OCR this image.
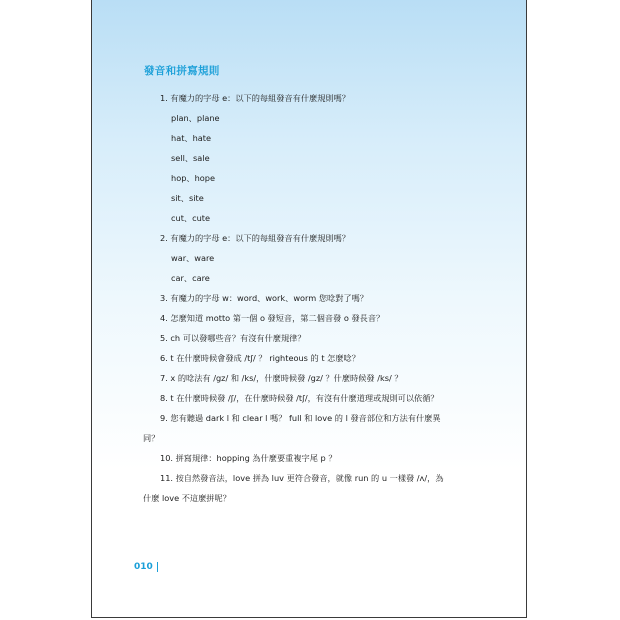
發音和拼寫規則
1. 有魔力的字母 e：以下的每組發音有什麼規則嗎？
plan、plane
hat、hate
sell、sale
hop、hope
sit、site
cut、cute
2. 有魔力的字母 e：以下的每組發音有什麼規則嗎？
war、ware
car、care
3. 有魔力的字母 w：word、work、worm 您唸對了嗎？
4. 怎麼知道 motto 第一個 o 發短音，第二個音發 o 發長音？
5. ch 可以發哪些音？有沒有什麼規律？
6. t 在什麼時候會發成 /tʃ/ ？ righteous 的 t 怎麼唸？
7. x 的唸法有 /gz/ 和 /ks/，什麼時候發 /gz/ ？什麼時候發 /ks/ ？
8. t 在什麼時候發 /ʃ/，在什麼時候發 /tʃ/，有沒有什麼道理或規則可以依循？
9. 您有聽過 dark l 和 clear l 嗎？ full 和 love 的 l 發音部位和方法有什麼異
同？
10. 拼寫規律：hopping 為什麼要重複字尾 p ？
11. 按自然發音法，love 拼為 luv 更符合發音，就像 run 的 u 一樣發 /ʌ/，為
什麼 love 不這麼拼呢？
010
